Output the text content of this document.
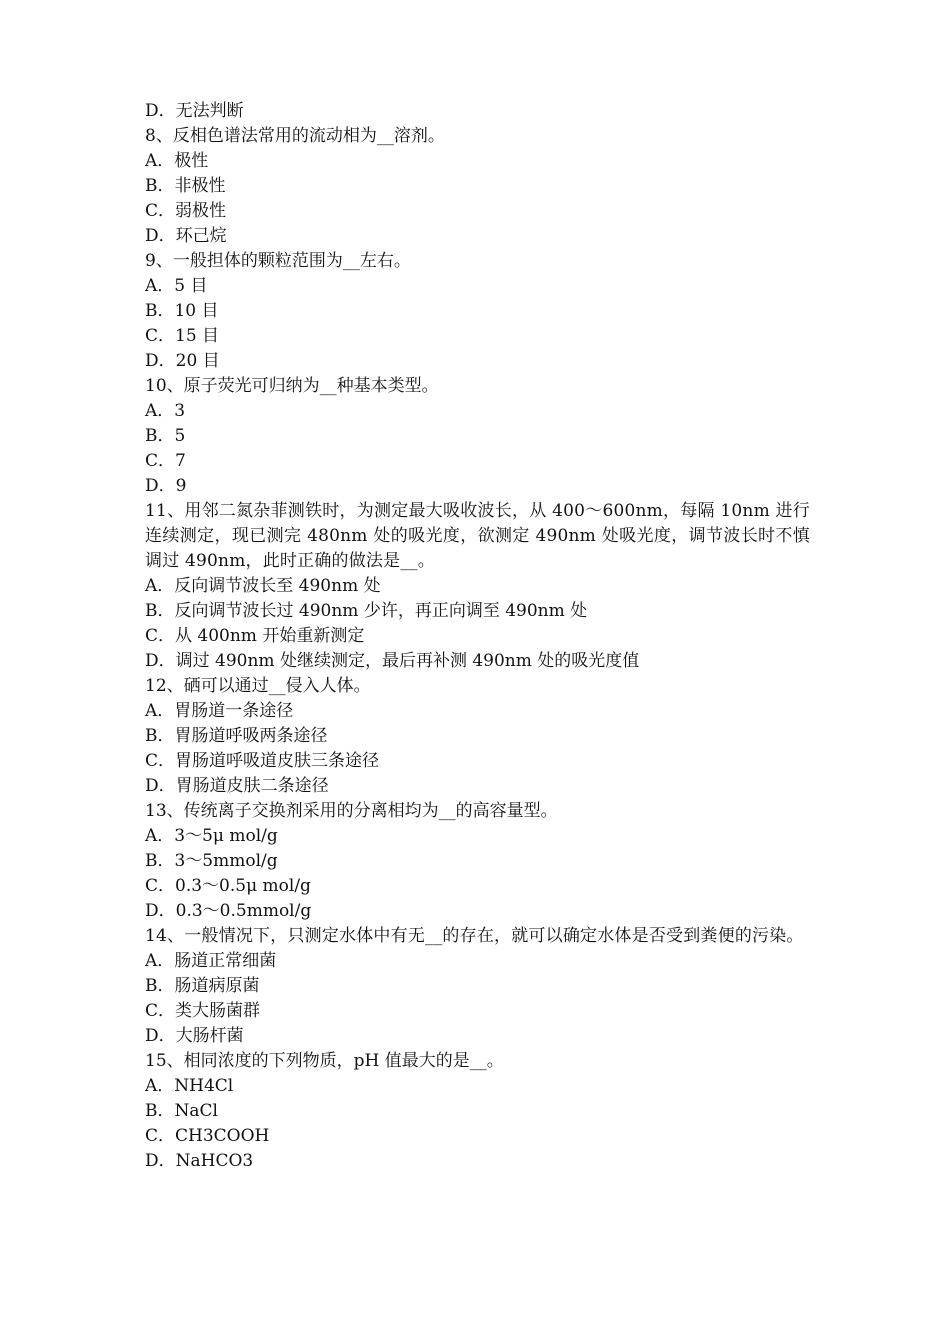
D．无法判断
8、反相色谱法常用的流动相为__溶剂。
A．极性
B．非极性
C．弱极性
D．环己烷
9、一般担体的颗粒范围为__左右。
A．5 目
B．10 目
C．15 目
D．20 目
10、原子荧光可归纳为__种基本类型。
A．3
B．5
C．7
D．9
11、用邻二氮杂菲测铁时，为测定最大吸收波长，从 400～600nm，每隔 10nm 进行连续测定，现已测完 480nm 处的吸光度，欲测定 490nm 处吸光度，调节波长时不慎调过 490nm，此时正确的做法是__。
A．反向调节波长至 490nm 处
B．反向调节波长过 490nm 少许，再正向调至 490nm 处
C．从 400nm 开始重新测定
D．调过 490nm 处继续测定，最后再补测 490nm 处的吸光度值
12、硒可以通过__侵入人体。
A．胃肠道一条途径
B．胃肠道呼吸两条途径
C．胃肠道呼吸道皮肤三条途径
D．胃肠道皮肤二条途径
13、传统离子交换剂采用的分离相均为__的高容量型。
A．3～5μ mol/g
B．3～5mmol/g
C．0.3～0.5μ mol/g
D．0.3～0.5mmol/g
14、一般情况下，只测定水体中有无__的存在，就可以确定水体是否受到粪便的污染。
A．肠道正常细菌
B．肠道病原菌
C．类大肠菌群
D．大肠杆菌
15、相同浓度的下列物质，pH 值最大的是__。
A．NH4Cl
B．NaCl
C．CH3COOH
D．NaHCO3
